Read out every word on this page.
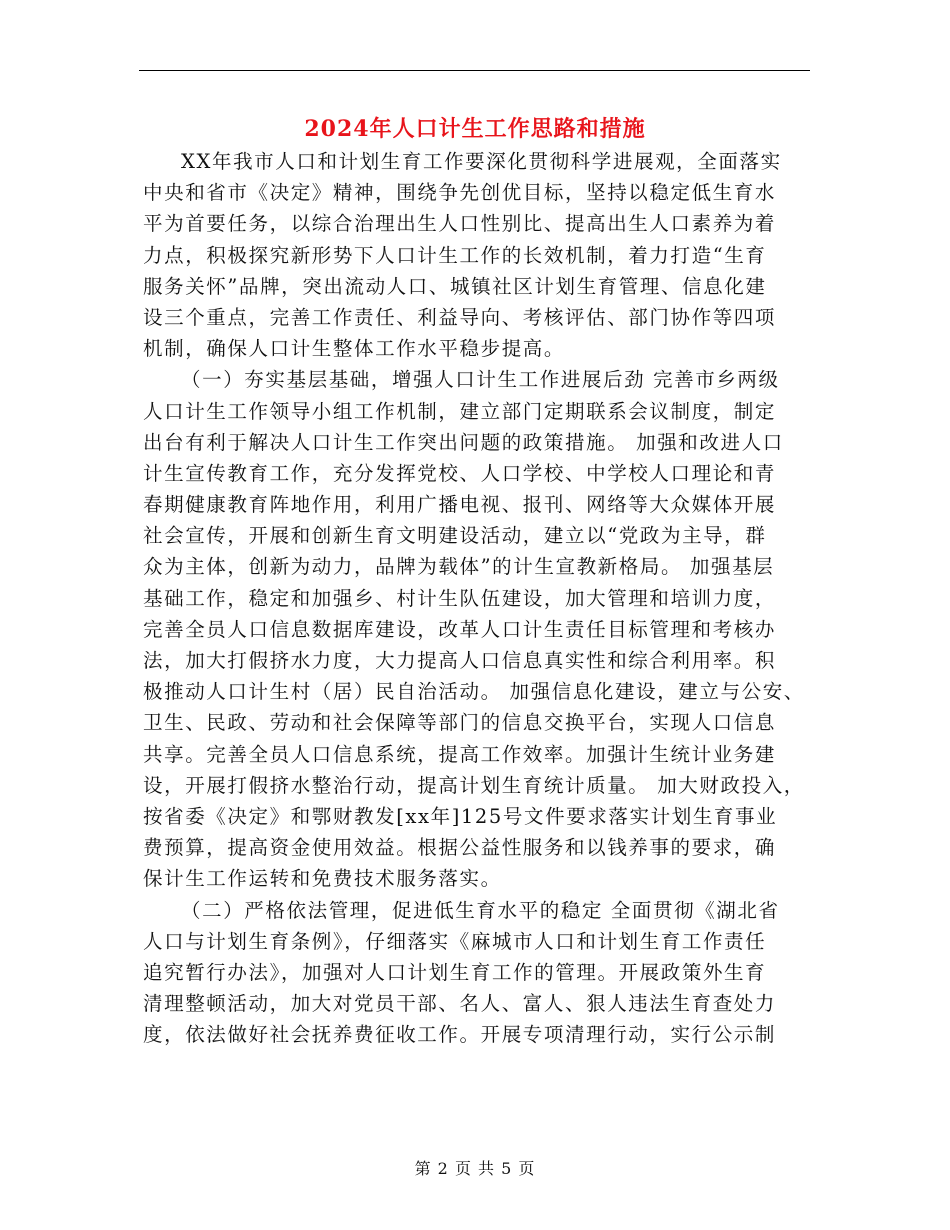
2024年人口计生工作思路和措施
XX年我市人口和计划生育工作要深化贯彻科学进展观，全面落实
中央和省市《决定》精神，围绕争先创优目标，坚持以稳定低生育水
平为首要任务，以综合治理出生人口性别比、提高出生人口素养为着
力点，积极探究新形势下人口计生工作的长效机制，着力打造“生育
服务关怀”品牌，突出流动人口、城镇社区计划生育管理、信息化建
设三个重点，完善工作责任、利益导向、考核评估、部门协作等四项
机制，确保人口计生整体工作水平稳步提高。
（一）夯实基层基础，增强人口计生工作进展后劲 完善市乡两级
人口计生工作领导小组工作机制，建立部门定期联系会议制度，制定
出台有利于解决人口计生工作突出问题的政策措施。 加强和改进人口
计生宣传教育工作，充分发挥党校、人口学校、中学校人口理论和青
春期健康教育阵地作用，利用广播电视、报刊、网络等大众媒体开展
社会宣传，开展和创新生育文明建设活动，建立以“党政为主导，群
众为主体，创新为动力，品牌为载体”的计生宣教新格局。 加强基层
基础工作，稳定和加强乡、村计生队伍建设，加大管理和培训力度，
完善全员人口信息数据库建设，改革人口计生责任目标管理和考核办
法，加大打假挤水力度，大力提高人口信息真实性和综合利用率。积
极推动人口计生村（居）民自治活动。 加强信息化建设，建立与公安、
卫生、民政、劳动和社会保障等部门的信息交换平台，实现人口信息
共享。完善全员人口信息系统，提高工作效率。加强计生统计业务建
设，开展打假挤水整治行动，提高计划生育统计质量。 加大财政投入，
按省委《决定》和鄂财教发[xx年]125号文件要求落实计划生育事业
费预算，提高资金使用效益。根据公益性服务和以钱养事的要求，确
保计生工作运转和免费技术服务落实。
（二）严格依法管理，促进低生育水平的稳定 全面贯彻《湖北省
人口与计划生育条例》，仔细落实《麻城市人口和计划生育工作责任
追究暂行办法》，加强对人口计划生育工作的管理。开展政策外生育
清理整顿活动，加大对党员干部、名人、富人、狠人违法生育查处力
度，依法做好社会抚养费征收工作。开展专项清理行动，实行公示制
第 2 页 共 5 页
